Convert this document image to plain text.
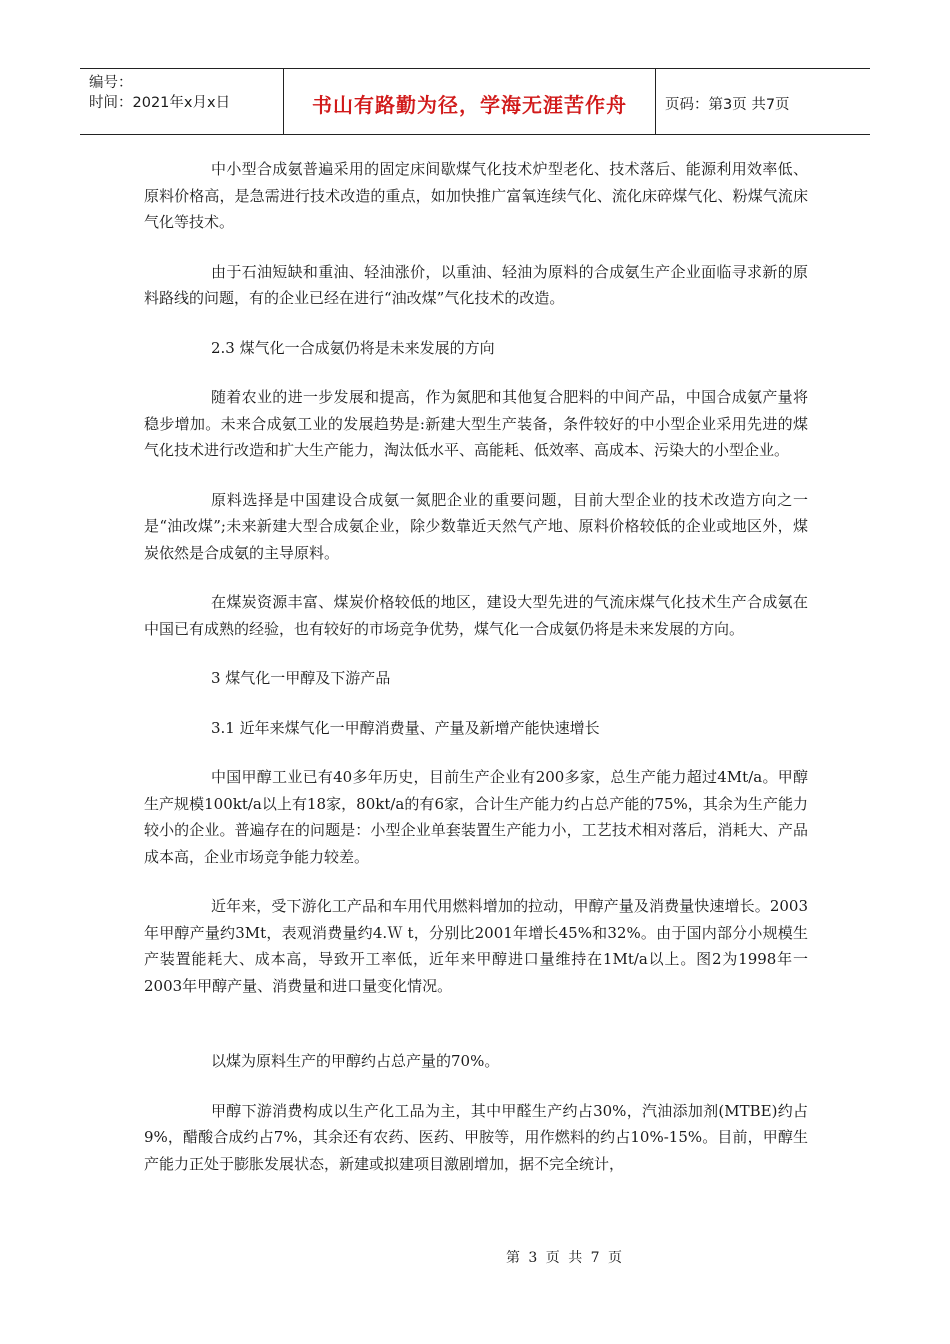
编号：
时间：2021年x月x日	书山有路勤为径，学海无涯苦作舟	页码：第3页 共7页

中小型合成氨普遍采用的固定床间歇煤气化技术炉型老化、技术落后、能源利用效率低、原料价格高，是急需进行技术改造的重点，如加快推广富氧连续气化、流化床碎煤气化、粉煤气流床气化等技术。

由于石油短缺和重油、轻油涨价，以重油、轻油为原料的合成氨生产企业面临寻求新的原料路线的问题，有的企业已经在进行“油改煤”气化技术的改造。

2.3 煤气化一合成氨仍将是未来发展的方向

随着农业的进一步发展和提高，作为氮肥和其他复合肥料的中间产品，中国合成氨产量将稳步增加。未来合成氨工业的发展趋势是:新建大型生产装备，条件较好的中小型企业采用先进的煤气化技术进行改造和扩大生产能力，淘汰低水平、高能耗、低效率、高成本、污染大的小型企业。

原料选择是中国建设合成氨一氮肥企业的重要问题，目前大型企业的技术改造方向之一是“油改煤”;未来新建大型合成氨企业，除少数靠近天然气产地、原料价格较低的企业或地区外，煤炭依然是合成氨的主导原料。

在煤炭资源丰富、煤炭价格较低的地区，建设大型先进的气流床煤气化技术生产合成氨在中国已有成熟的经验，也有较好的市场竞争优势，煤气化一合成氨仍将是未来发展的方向。

3 煤气化一甲醇及下游产品

3.1 近年来煤气化一甲醇消费量、产量及新增产能快速增长

中国甲醇工业已有40多年历史，目前生产企业有200多家，总生产能力超过4Mt/a。甲醇生产规模100kt/a以上有18家，80kt/a的有6家，合计生产能力约占总产能的75%，其余为生产能力较小的企业。普遍存在的问题是：小型企业单套装置生产能力小，工艺技术相对落后，消耗大、产品成本高，企业市场竞争能力较差。

近年来，受下游化工产品和车用代用燃料增加的拉动，甲醇产量及消费量快速增长。2003年甲醇产量约3Mt，表观消费量约4.Ｗ t，分别比2001年增长45%和32%。由于国内部分小规模生产装置能耗大、成本高，导致开工率低，近年来甲醇进口量维持在1Mt/a以上。图2为1998年一2003年甲醇产量、消费量和进口量变化情况。

以煤为原料生产的甲醇约占总产量的70%。

甲醇下游消费构成以生产化工品为主，其中甲醛生产约占30%，汽油添加剂(MTBE)约占9%，醋酸合成约占7%，其余还有农药、医药、甲胺等，用作燃料的约占10%-15%。目前，甲醇生产能力正处于膨胀发展状态，新建或拟建项目激剧增加，据不完全统计，

第 3 页 共 7 页
